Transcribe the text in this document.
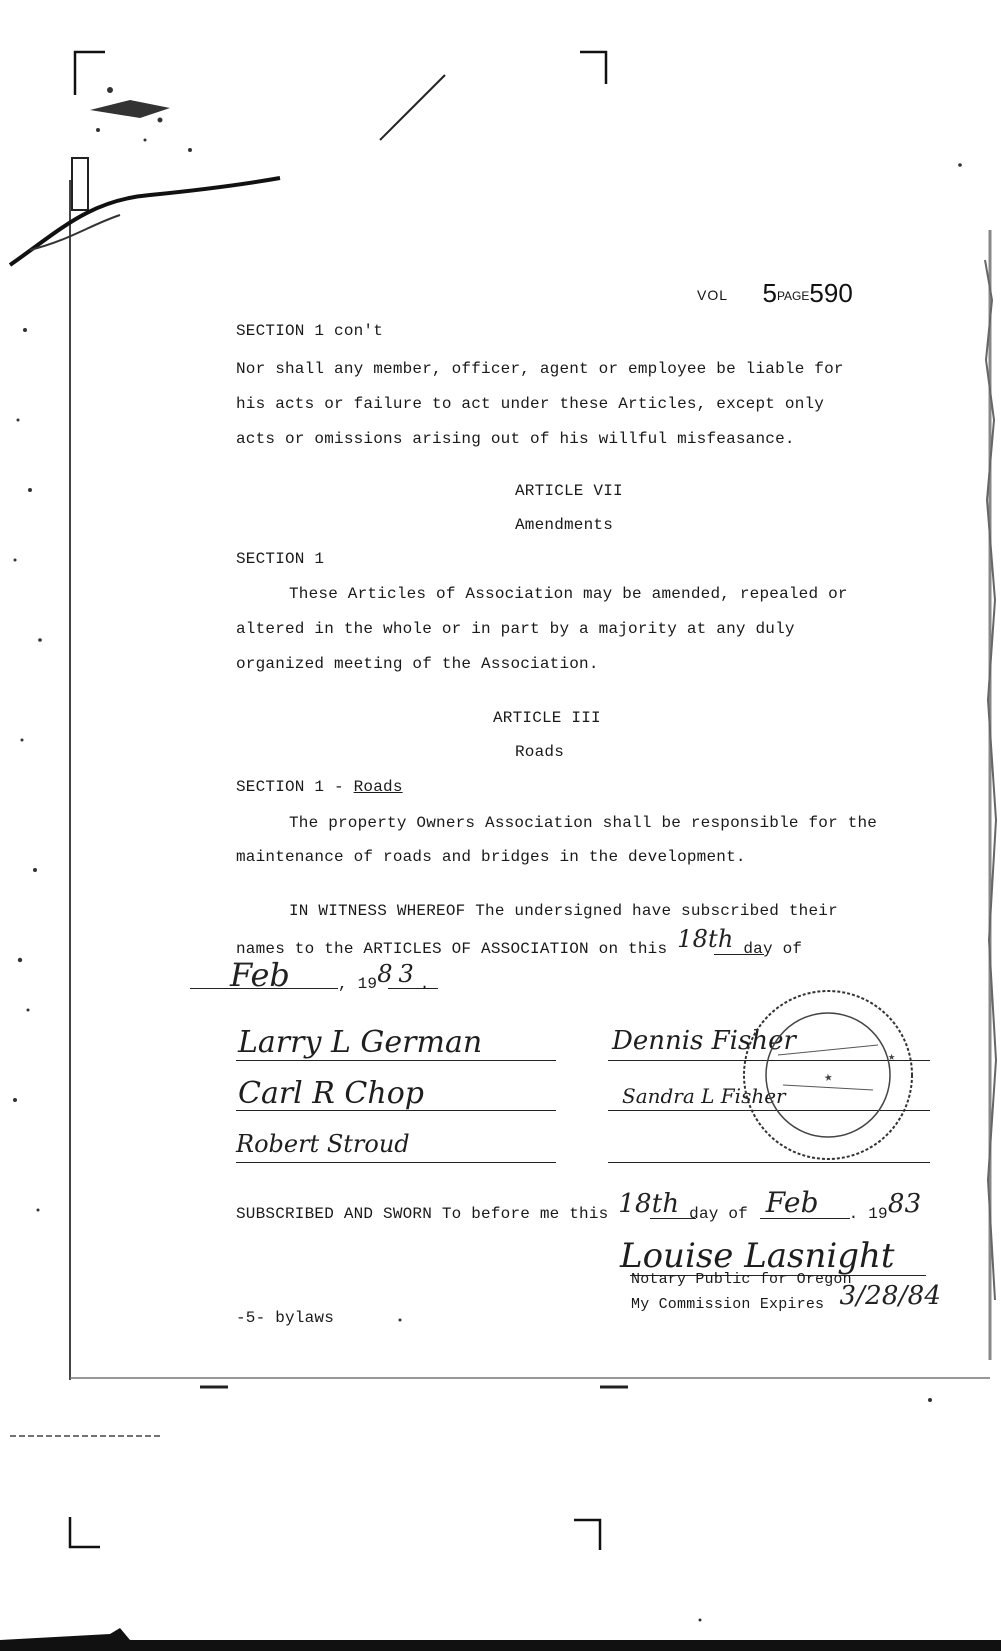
VOL 5PAGE590
SECTION 1 con't
Nor shall any member, officer, agent or employee be liable for
his acts or failure to act under these Articles, except only
acts or omissions arising out of his willful misfeasance.
ARTICLE VII
Amendments
SECTION 1
These Articles of Association may be amended, repealed or
altered in the whole or in part by a majority at any duly
organized meeting of the Association.
ARTICLE III
Roads
SECTION 1 - Roads
The property Owners Association shall be responsible for the
maintenance of roads and bridges in the development.
IN WITNESS WHEREOF The undersigned have subscribed their
names to the ARTICLES OF ASSOCIATION on this 18th day of
Feb	, 1983.
Larry L German
Carl R Chop
Robert Stroud
Dennis Fisher
Sandra L Fisher
★
★
SUBSCRIBED AND SWORN To before me this 18th day of Feb . 1983
Louise Lasnight
Notary Public for Oregon
My Commission Expires 3/28/84
-5- bylaws
